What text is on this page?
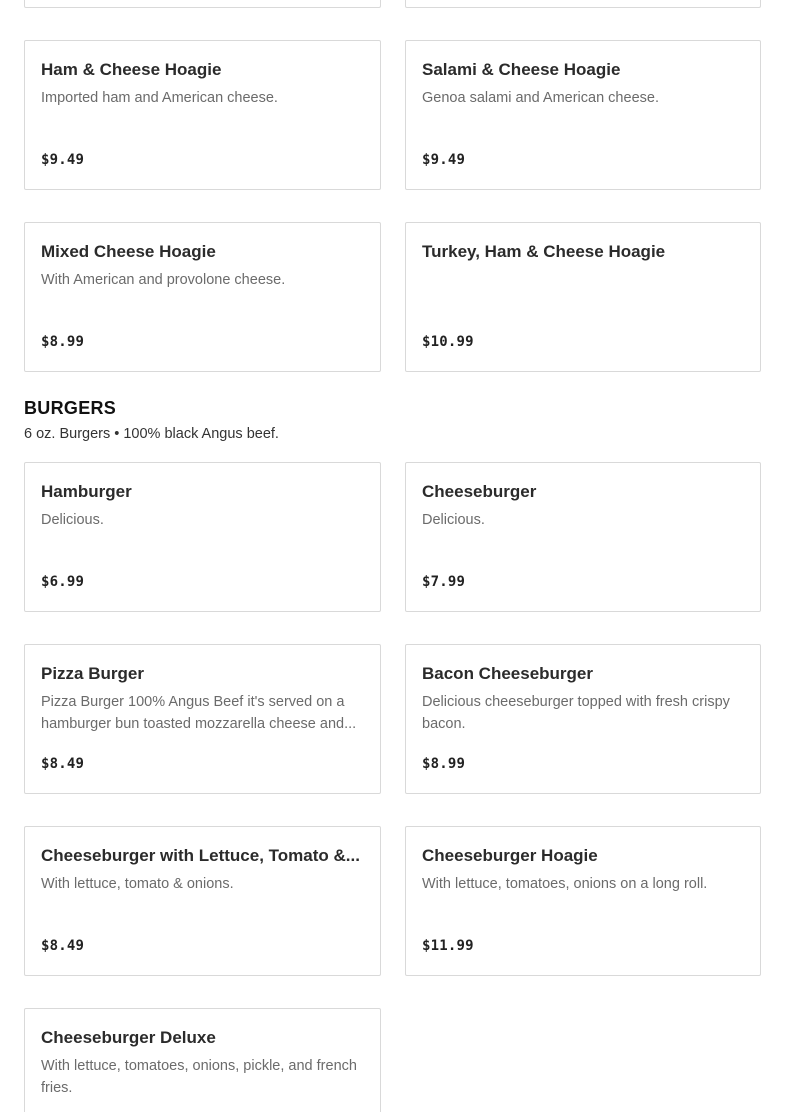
Ham & Cheese Hoagie
Imported ham and American cheese.
$9.49
Salami & Cheese Hoagie
Genoa salami and American cheese.
$9.49
Mixed Cheese Hoagie
With American and provolone cheese.
$8.99
Turkey, Ham & Cheese Hoagie
$10.99
BURGERS
6 oz. Burgers • 100% black Angus beef.
Hamburger
Delicious.
$6.99
Cheeseburger
Delicious.
$7.99
Pizza Burger
Pizza Burger 100% Angus Beef it's served on a hamburger bun toasted mozzarella cheese and...
$8.49
Bacon Cheeseburger
Delicious cheeseburger topped with fresh crispy bacon.
$8.99
Cheeseburger with Lettuce, Tomato &...
With lettuce, tomato & onions.
$8.49
Cheeseburger Hoagie
With lettuce, tomatoes, onions on a long roll.
$11.99
Cheeseburger Deluxe
With lettuce, tomatoes, onions, pickle, and french fries.
